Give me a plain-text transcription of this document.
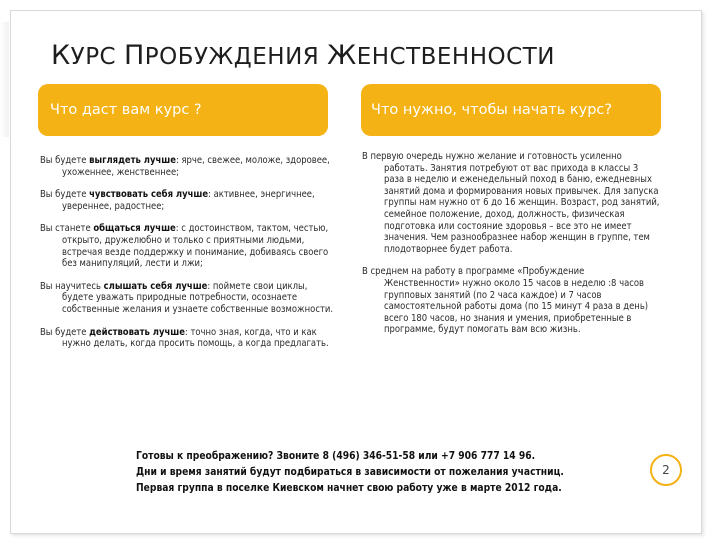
КУРС ПРОБУЖДЕНИЯ ЖЕНСТВЕННОСТИ
Что даст вам курс ?	Что нужно, чтобы начать курс?

Вы будете выглядеть лучше: ярче, свежее, моложе, здоровее, ухоженнее, женственнее;

Вы будете чувствовать себя лучше: активнее, энергичнее, увереннее, радостнее;

Вы станете общаться лучше: с достоинством, тактом, честью, открыто, дружелюбно и только с приятными людьми, встречая везде поддержку и понимание, добиваясь своего без манипуляций, лести и лжи;

Вы научитесь слышать себя лучше: поймете свои циклы, будете уважать природные потребности, осознаете собственные желания и узнаете собственные возможности.

Вы будете действовать лучше: точно зная, когда, что и как нужно делать, когда просить помощь, а когда предлагать.

В первую очередь нужно желание и готовность усиленно работать. Занятия потребуют от вас прихода в классы 3 раза в неделю и еженедельный поход в баню, ежедневных занятий дома и формирования новых привычек. Для запуска группы нам нужно от 6 до 16 женщин. Возраст, род занятий, семейное положение, доход, должность, физическая подготовка или состояние здоровья – все это не имеет значения. Чем разнообразнее набор женщин в группе, тем плодотворнее будет работа.

В среднем на работу в программе «Пробуждение Женственности» нужно около 15 часов в неделю :8 часов групповых занятий (по 2 часа каждое) и 7 часов самостоятельной работы дома (по 15 минут 4 раза в день) всего 180 часов, но знания и умения, приобретенные в программе, будут помогать вам всю жизнь.

Готовы к преображению? Звоните 8 (496) 346-51-58 или +7 906 777 14 96.
Дни и время занятий будут подбираться в зависимости от пожелания участниц.
Первая группа в поселке Киевском начнет свою работу уже в марте 2012 года.
2
